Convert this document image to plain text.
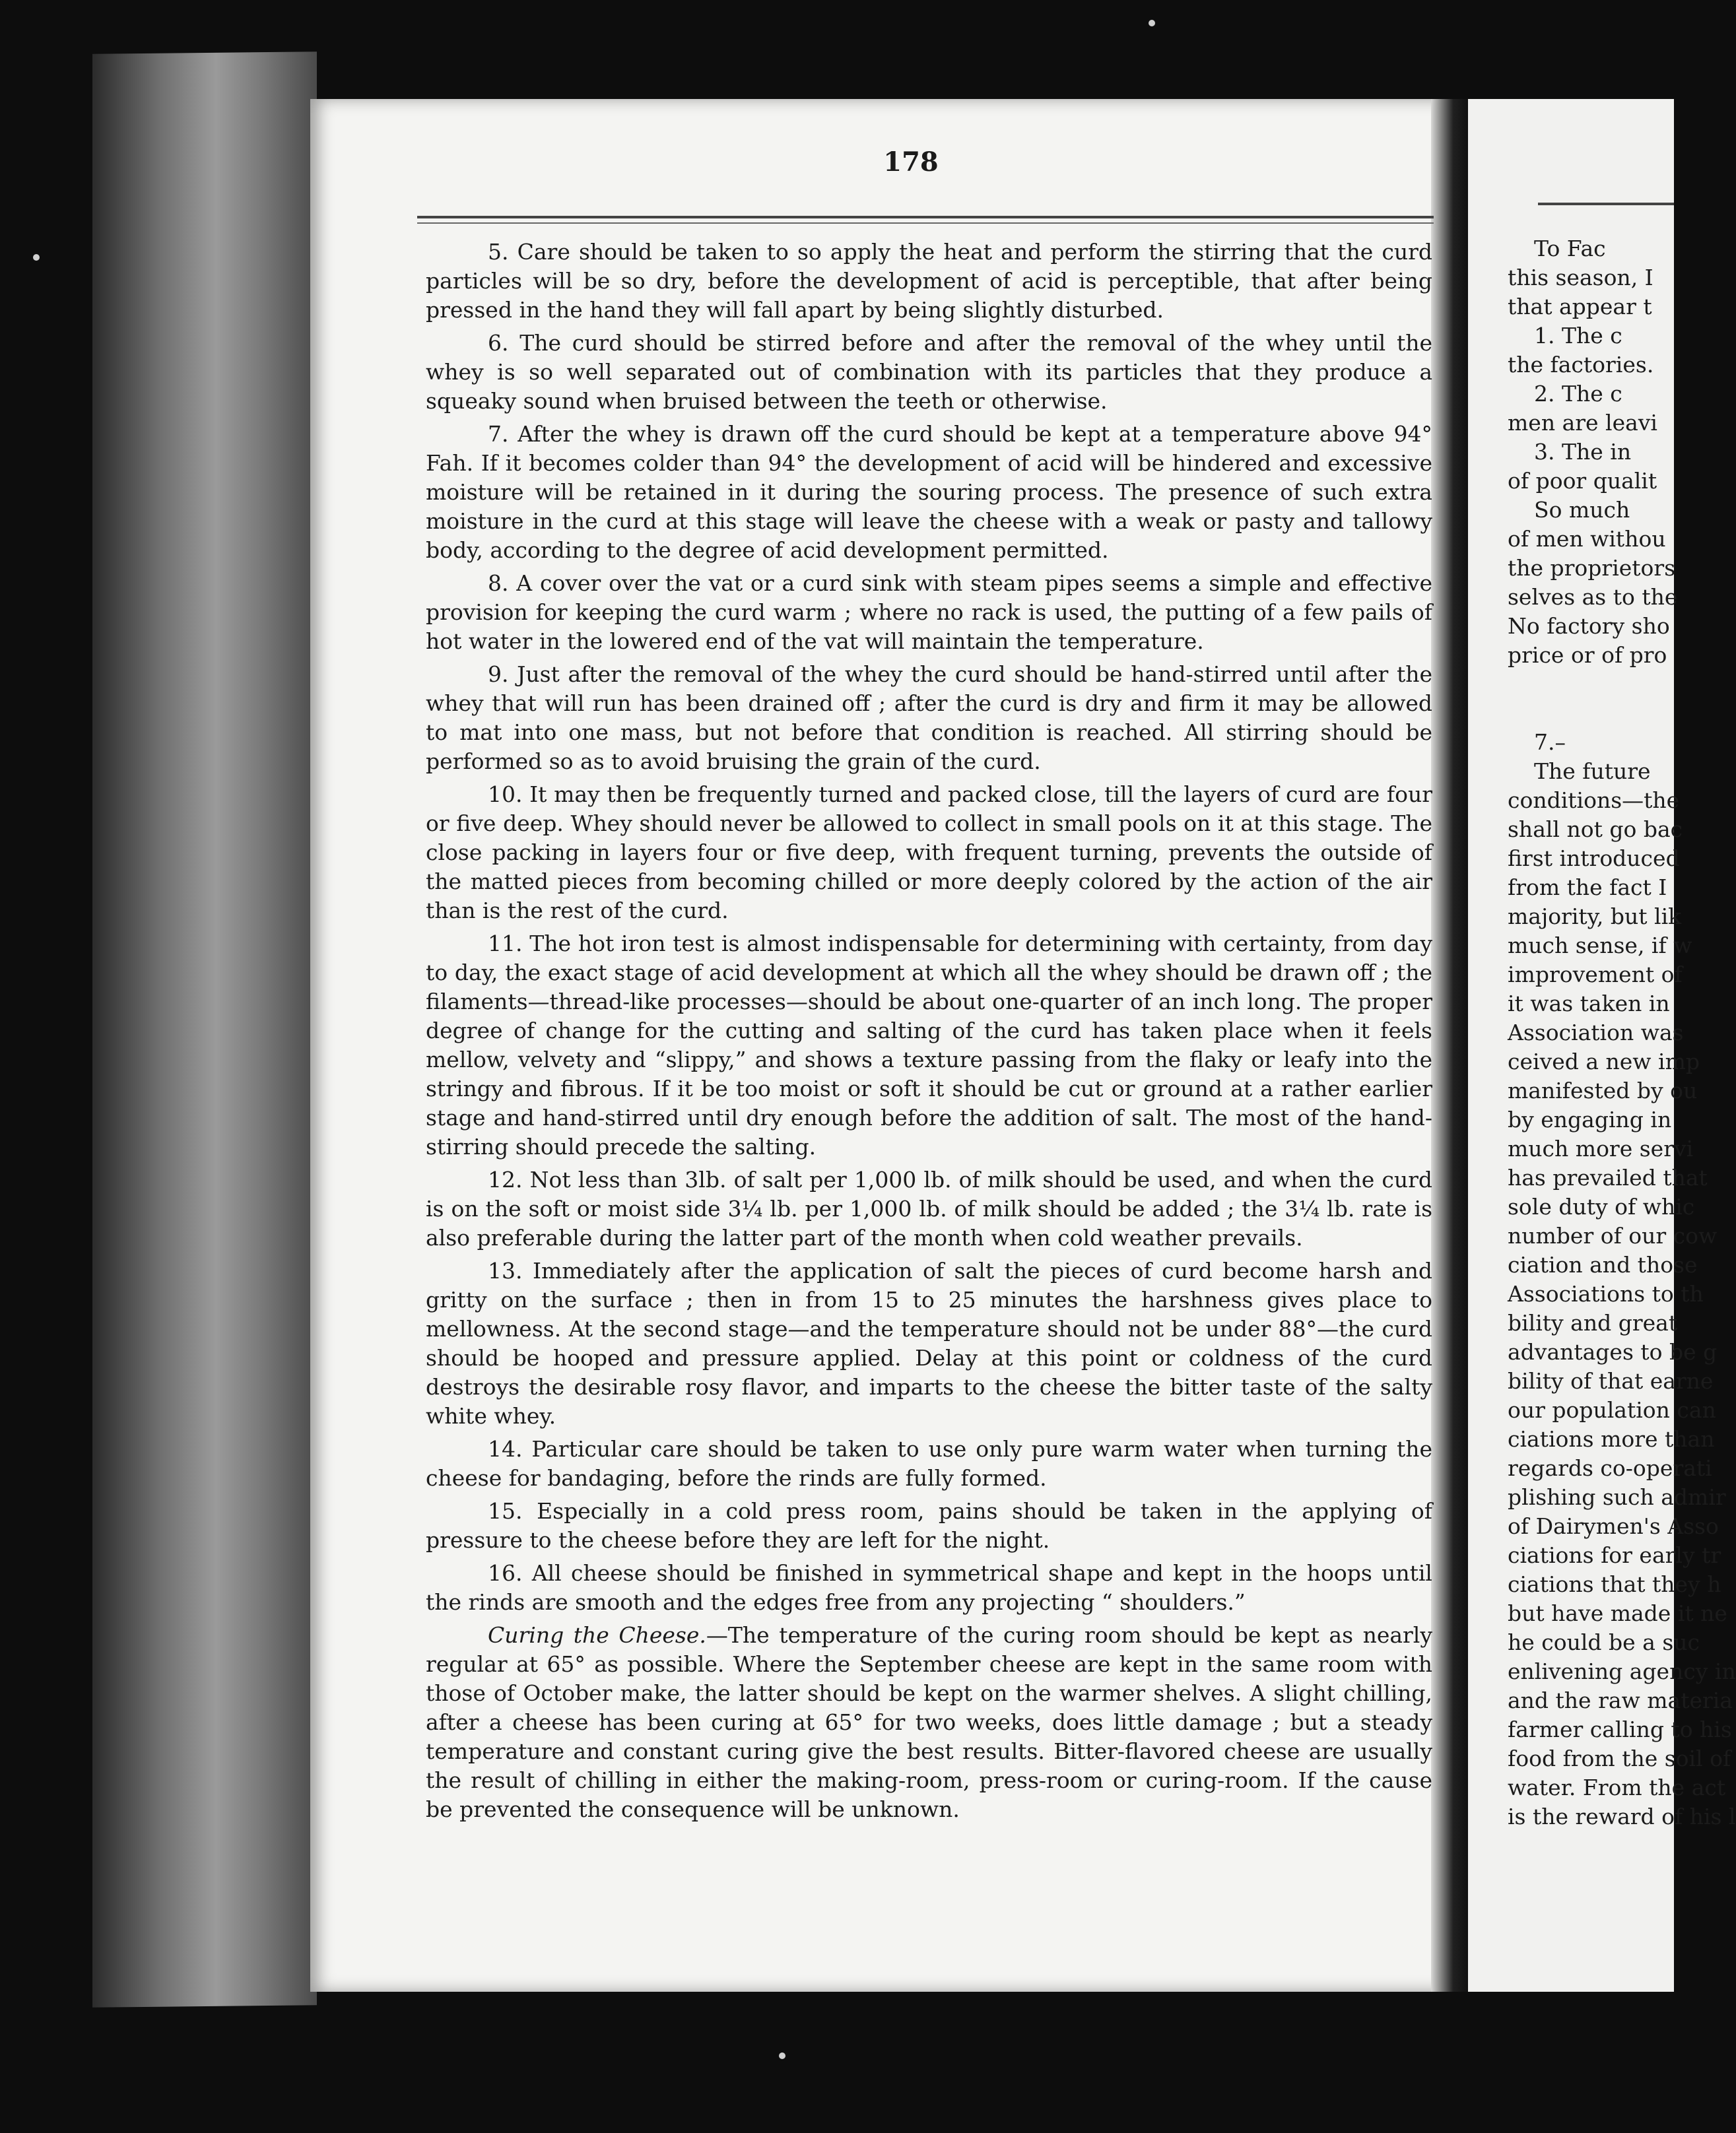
178

5. Care should be taken to so apply the heat and perform the stirring that the curd particles will be so dry, before the development of acid is perceptible, that after being pressed in the hand they will fall apart by being slightly disturbed.

6. The curd should be stirred before and after the removal of the whey until the whey is so well separated out of combination with its particles that they produce a squeaky sound when bruised between the teeth or otherwise.

7. After the whey is drawn off the curd should be kept at a temperature above 94° Fah. If it becomes colder than 94° the development of acid will be hindered and excessive moisture will be retained in it during the souring process. The presence of such extra moisture in the curd at this stage will leave the cheese with a weak or pasty and tallowy body, according to the degree of acid development permitted.

8. A cover over the vat or a curd sink with steam pipes seems a simple and effective provision for keeping the curd warm ; where no rack is used, the putting of a few pails of hot water in the lowered end of the vat will maintain the temperature.

9. Just after the removal of the whey the curd should be hand-stirred until after the whey that will run has been drained off ; after the curd is dry and firm it may be allowed to mat into one mass, but not before that condition is reached. All stirring should be performed so as to avoid bruising the grain of the curd.

10. It may then be frequently turned and packed close, till the layers of curd are four or five deep. Whey should never be allowed to collect in small pools on it at this stage. The close packing in layers four or five deep, with frequent turning, prevents the outside of the matted pieces from becoming chilled or more deeply colored by the action of the air than is the rest of the curd.

11. The hot iron test is almost indispensable for determining with certainty, from day to day, the exact stage of acid development at which all the whey should be drawn off ; the filaments—thread-like processes—should be about one-quarter of an inch long. The proper degree of change for the cutting and salting of the curd has taken place when it feels mellow, velvety and “slippy,” and shows a texture passing from the flaky or leafy into the stringy and fibrous. If it be too moist or soft it should be cut or ground at a rather earlier stage and hand-stirred until dry enough before the addition of salt. The most of the hand-stirring should precede the salting.

12. Not less than 3lb. of salt per 1,000 lb. of milk should be used, and when the curd is on the soft or moist side 3¼ lb. per 1,000 lb. of milk should be added ; the 3¼ lb. rate is also preferable during the latter part of the month when cold weather prevails.

13. Immediately after the application of salt the pieces of curd become harsh and gritty on the surface ; then in from 15 to 25 minutes the harshness gives place to mellowness. At the second stage—and the temperature should not be under 88°—the curd should be hooped and pressure applied. Delay at this point or coldness of the curd destroys the desirable rosy flavor, and imparts to the cheese the bitter taste of the salty white whey.

14. Particular care should be taken to use only pure warm water when turning the cheese for bandaging, before the rinds are fully formed.

15. Especially in a cold press room, pains should be taken in the applying of pressure to the cheese before they are left for the night.

16. All cheese should be finished in symmetrical shape and kept in the hoops until the rinds are smooth and the edges free from any projecting “ shoulders.”

Curing the Cheese.—The temperature of the curing room should be kept as nearly regular at 65° as possible. Where the September cheese are kept in the same room with those of October make, the latter should be kept on the warmer shelves. A slight chilling, after a cheese has been curing at 65° for two weeks, does little damage ; but a steady temperature and constant curing give the best results. Bitter-flavored cheese are usually the result of chilling in either the making-room, press-room or curing-room. If the cause be prevented the consequence will be unknown.

To Fac
this season, I
that appear t
1. The c
the factories.
2. The c
men are leavi
3. The in
of poor qualit
So much
of men withou
the proprietors
selves as to the
No factory sho
price or of pro
7.–
The future
conditions—the
shall not go bac
first introduced
from the fact I
majority, but lik
much sense, if w
improvement of
it was taken in
Association was
ceived a new imp
manifested by ou
by engaging in
much more servi
has prevailed that
sole duty of whic
number of our cow
ciation and those
Associations to th
bility and great
advantages to be g
bility of that earne
our population can
ciations more than
regards co-operati
plishing such admir
of Dairymen's Asso
ciations for early tr
ciations that they h
but have made it ne
he could be a suc
enlivening agency in
and the raw materia
farmer calling to his
food from the soil of
water. From the act
is the reward of his l
